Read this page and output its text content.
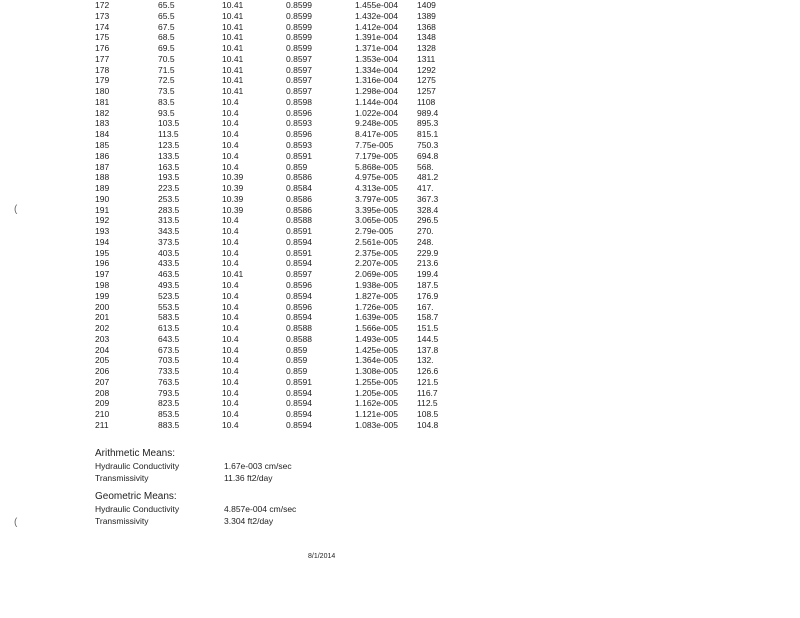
172	65.5	10.41	0.8599	1.455e-004 1409
173	65.5	10.41	0.8599	1.432e-004 1389
174	67.5	10.41	0.8599	1.412e-004 1368
175	68.5	10.41	0.8599	1.391e-004 1348
176	69.5	10.41	0.8599	1.371e-004 1328
177	70.5	10.41	0.8597	1.353e-004 1311
178	71.5	10.41	0.8597	1.334e-004 1292
179	72.5	10.41	0.8597	1.316e-004 1275
180	73.5	10.41	0.8597	1.298e-004 1257
181	83.5	10.4	0.8598	1.144e-004 1108
182	93.5	10.4	0.8596	1.022e-004 989.4
183	103.5	10.4	0.8593	9.248e-005 895.3
184	113.5	10.4	0.8596	8.417e-005 815.1
185	123.5	10.4	0.8593	7.75e-005	750.3
186	133.5	10.4	0.8591	7.179e-005 694.8
187	163.5	10.4	0.859	5.868e-005 568.
188	193.5	10.39	0.8586	4.975e-005 481.2
189	223.5	10.39	0.8584	4.313e-005 417.
190	253.5	10.39	0.8586	3.797e-005 367.3
191	283.5	10.39	0.8586	3.395e-005 328.4
192	313.5	10.4	0.8588	3.065e-005 296.5
193	343.5	10.4	0.8591	2.79e-005	270.
194	373.5	10.4	0.8594	2.561e-005 248.
195	403.5	10.4	0.8591	2.375e-005 229.9
196	433.5	10.4	0.8594	2.207e-005 213.6
197	463.5	10.41	0.8597	2.069e-005 199.4
198	493.5	10.4	0.8596	1.938e-005 187.5
199	523.5	10.4	0.8594	1.827e-005 176.9
200	553.5	10.4	0.8596	1.726e-005 167.
201	583.5	10.4	0.8594	1.639e-005 158.7
202	613.5	10.4	0.8588	1.566e-005 151.5
203	643.5	10.4	0.8588	1.493e-005 144.5
204	673.5	10.4	0.859	1.425e-005 137.8
205	703.5	10.4	0.859	1.364e-005 132.
206	733.5	10.4	0.859	1.308e-005 126.6
207	763.5	10.4	0.8591	1.255e-005 121.5
208	793.5	10.4	0.8594	1.205e-005 116.7
209	823.5	10.4	0.8594	1.162e-005 112.5
210	853.5	10.4	0.8594	1.121e-005 108.5
211	883.5	10.4	0.8594	1.083e-005 104.8
(
(
Arithmetic Means:
Hydraulic Conductivity	1.67e-003 cm/sec
Transmissivity	11.36 ft2/day
Geometric Means:
Hydraulic Conductivity	4.857e-004 cm/sec
Transmissivity	3.304 ft2/day
8/1/2014
